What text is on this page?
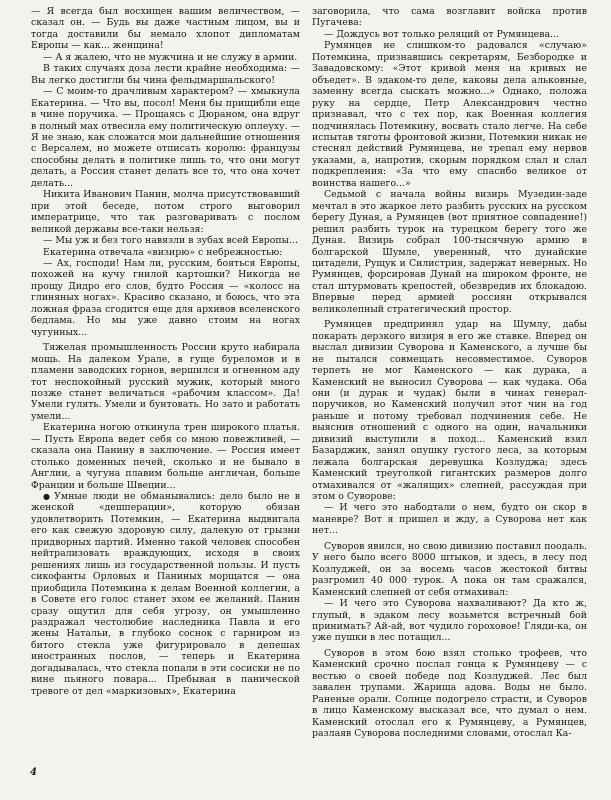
— Я всегда был восхищен вашим величеством, — сказал он. — Будь вы даже частным лицом, вы и тогда доставили бы немало хлопот дипломатам Европы — как... женщина!

— А я жалею, что не мужчина и не служу в армии.

В таких случаях доза лести крайне необходима: — Вы легко достигли бы чина фельдмаршальского!

— С моим-то драчливым характером? — хмыкнула Екатерина. — Что вы, посол! Меня бы прищибли еще в чине поручика. — Прощаясь с Дюраном, она вдруг в полный мах отвесила ему политическую оплеуху. — Я не знаю, как сложатся мои дальнейшие отношения с Версалем, но можете отписать королю: французы способны делать в политике лишь то, что они могут делать, а Россия станет делать все то, что она хочет делать...

Никита Иванович Панин, молча присутствовавший при этой беседе, потом строго выговорил императрице, что так разговаривать с послом великой державы все-таки нельзя:

— Мы уж и без того навязли в зубах всей Европы...

Екатерина отвечала «визирю» с небрежностью:

— Ах, господи! Нам ли, русским, бояться Европы, похожей на кучу гнилой картошки? Никогда не прощу Дидро его слов, будто Россия — «колосс на глиняных ногах». Красиво сказано, и боюсь, что эта ложная фраза сгодится еще для архивов вселенского бедлама. Но мы уже давно стоим на ногах чугунных...

Тяжелая промышленность России круто набирала мощь. На далеком Урале, в гуще буреломов и в пламени заводских горнов, вершился и огненном аду тот неспокойный русский мужик, который много позже станет величаться «рабочим классом». Да! Умели гулять. Умели и бунтовать. Но зато и работать умели...

Екатерина ногою откинула трен широкого платья. — Пусть Европа ведет себя со мною повежливей, — сказала она Панину в заключение. — Россия имеет столько доменных печей, сколько и не бывало в Англии, а чугуна плавим больше англичан, больше Франции и больше Швеции...

● Умные люди не обманывались: дело было не в женской «дешперации», которую обязан удовлетворить Потемкин, — Екатерина выдвигала его как свежую здоровую силу, далекую от грызни придворных партий. Именно такой человек способен нейтрализовать враждующих, исходя в своих решениях лишь из государственной пользы. И пусть сикофанты Орловых и Паниных морщатся — она приобщила Потемкина к делам Военной коллегии, а в Совете его голос станет эхом ее желаний. Панин сразу ощутил для себя угрозу, он умышленно раздражал честолюбие наследника Павла и его жены Натальи, в глубоко соснок с гарниром из битого стекла уже фигурировало в депешах иностранных послов, — теперь и Екатерина догадывалась, что стекла попали в эти сосиски не по вине пьяного повара... Пребывая в панической тревоге от дел «маркизовых», Екатерина

заговорила, что сама возглавит войска против Пугачева:

— Дождусь вот только реляций от Румянцева...

Румянцев не слишком-то радовался «случаю» Потемкина, признавшись секретарям, Безбородке и Завадовскому: «Этот кривой меня на кривых не объедет». В эдаком-то деле, каковы дела альковные, заменну всегда сыскать можно...» Однако, положа руку на сердце, Петр Александрович честно признавал, что с тех пор, как Военная коллегия подчинялась Потемкину, восвать стало легче. На себе испытав тяготы фронтовой жизни, Потемкин никак не стеснял действий Румянцева, не трепал ему нервов указами, а, напротив, скорым порядком слал и слал подкрепления: «За что ему спасибо великое от воинства нашего...»

Седьмой с начала войны визирь Музедин-заде мечтал в это жаркое лето разбить русских на русском берегу Дуная, а Румянцев (вот приятное совпадение!) решил разбить турок на турецком берегу того же Дуная. Визирь собрал 100-тысячную армию в болгарской Шумле, уверенный, что дунайские цитадели, Рущук и Силистрия, задержат неверных. Но Румянцев, форсировав Дунай на широком фронте, не стал штурмовать крепостей, обезвредив их блокадою. Впервые перед армией россиян открывался великолепный стратегический простор.

Румянцев предпринял удар на Шумлу, дабы покарать дерзкого визиря в его же ставке. Вперед он выслал дивизии Суворова и Каменского, а лучше бы не пытался совмещать несовместимое. Суворов терпеть не мог Каменского — как дурака, а Каменский не выносил Суворова — как чудака. Оба они (и дурак и чудак) были в чинах генерал-поручиков, но Каменский получил этот чин на год раньше и потому требовал подчинения себе. Не выяснив отношений с одного на один, начальники дивизий выступили в поход... Каменский взял Базарджик, занял опушку густого леса, за которым лежала болгарская деревушка Козлуджа; здесь Каменский треуголкой гигантских размеров долго отмахивался от «жалящих» слепней, рассуждая при этом о Суворове:

— И чего это набодтали о нем, будто он скор в маневре? Вот я пришел и жду, а Суворова нет как нет...

Суворов явился, но свою дивизию поставил поодаль. У него было всего 8000 штыков, и здесь, в лесу под Козлуджей, он за восемь часов жестокой битвы разгромил 40 000 турок. А пока он там сражался, Каменский слепней от себя отмахивал:

— И чего это Суворова нахваливают? Да кто ж, глупый, в эдаком лесу возьмется встречный бой принимать? Ай-ай, вот чудило гороховое! Гляди-ка, он уже пушки в лес потащил...

Суворов в этом бою взял столько трофеев, что Каменский срочно послал гонца к Румянцеву — с вестью о своей победе под Козлуджей. Лес был завален трупами. Жарища адова. Воды не было. Раненые орали. Солнце подогрело страсти, и Суворов в лицо Каменскому высказал все, что думал о нем. Каменский отослал его к Румянцеву, а Румянцев, разлаяв Суворова последними словами, отослал Ка-

4
